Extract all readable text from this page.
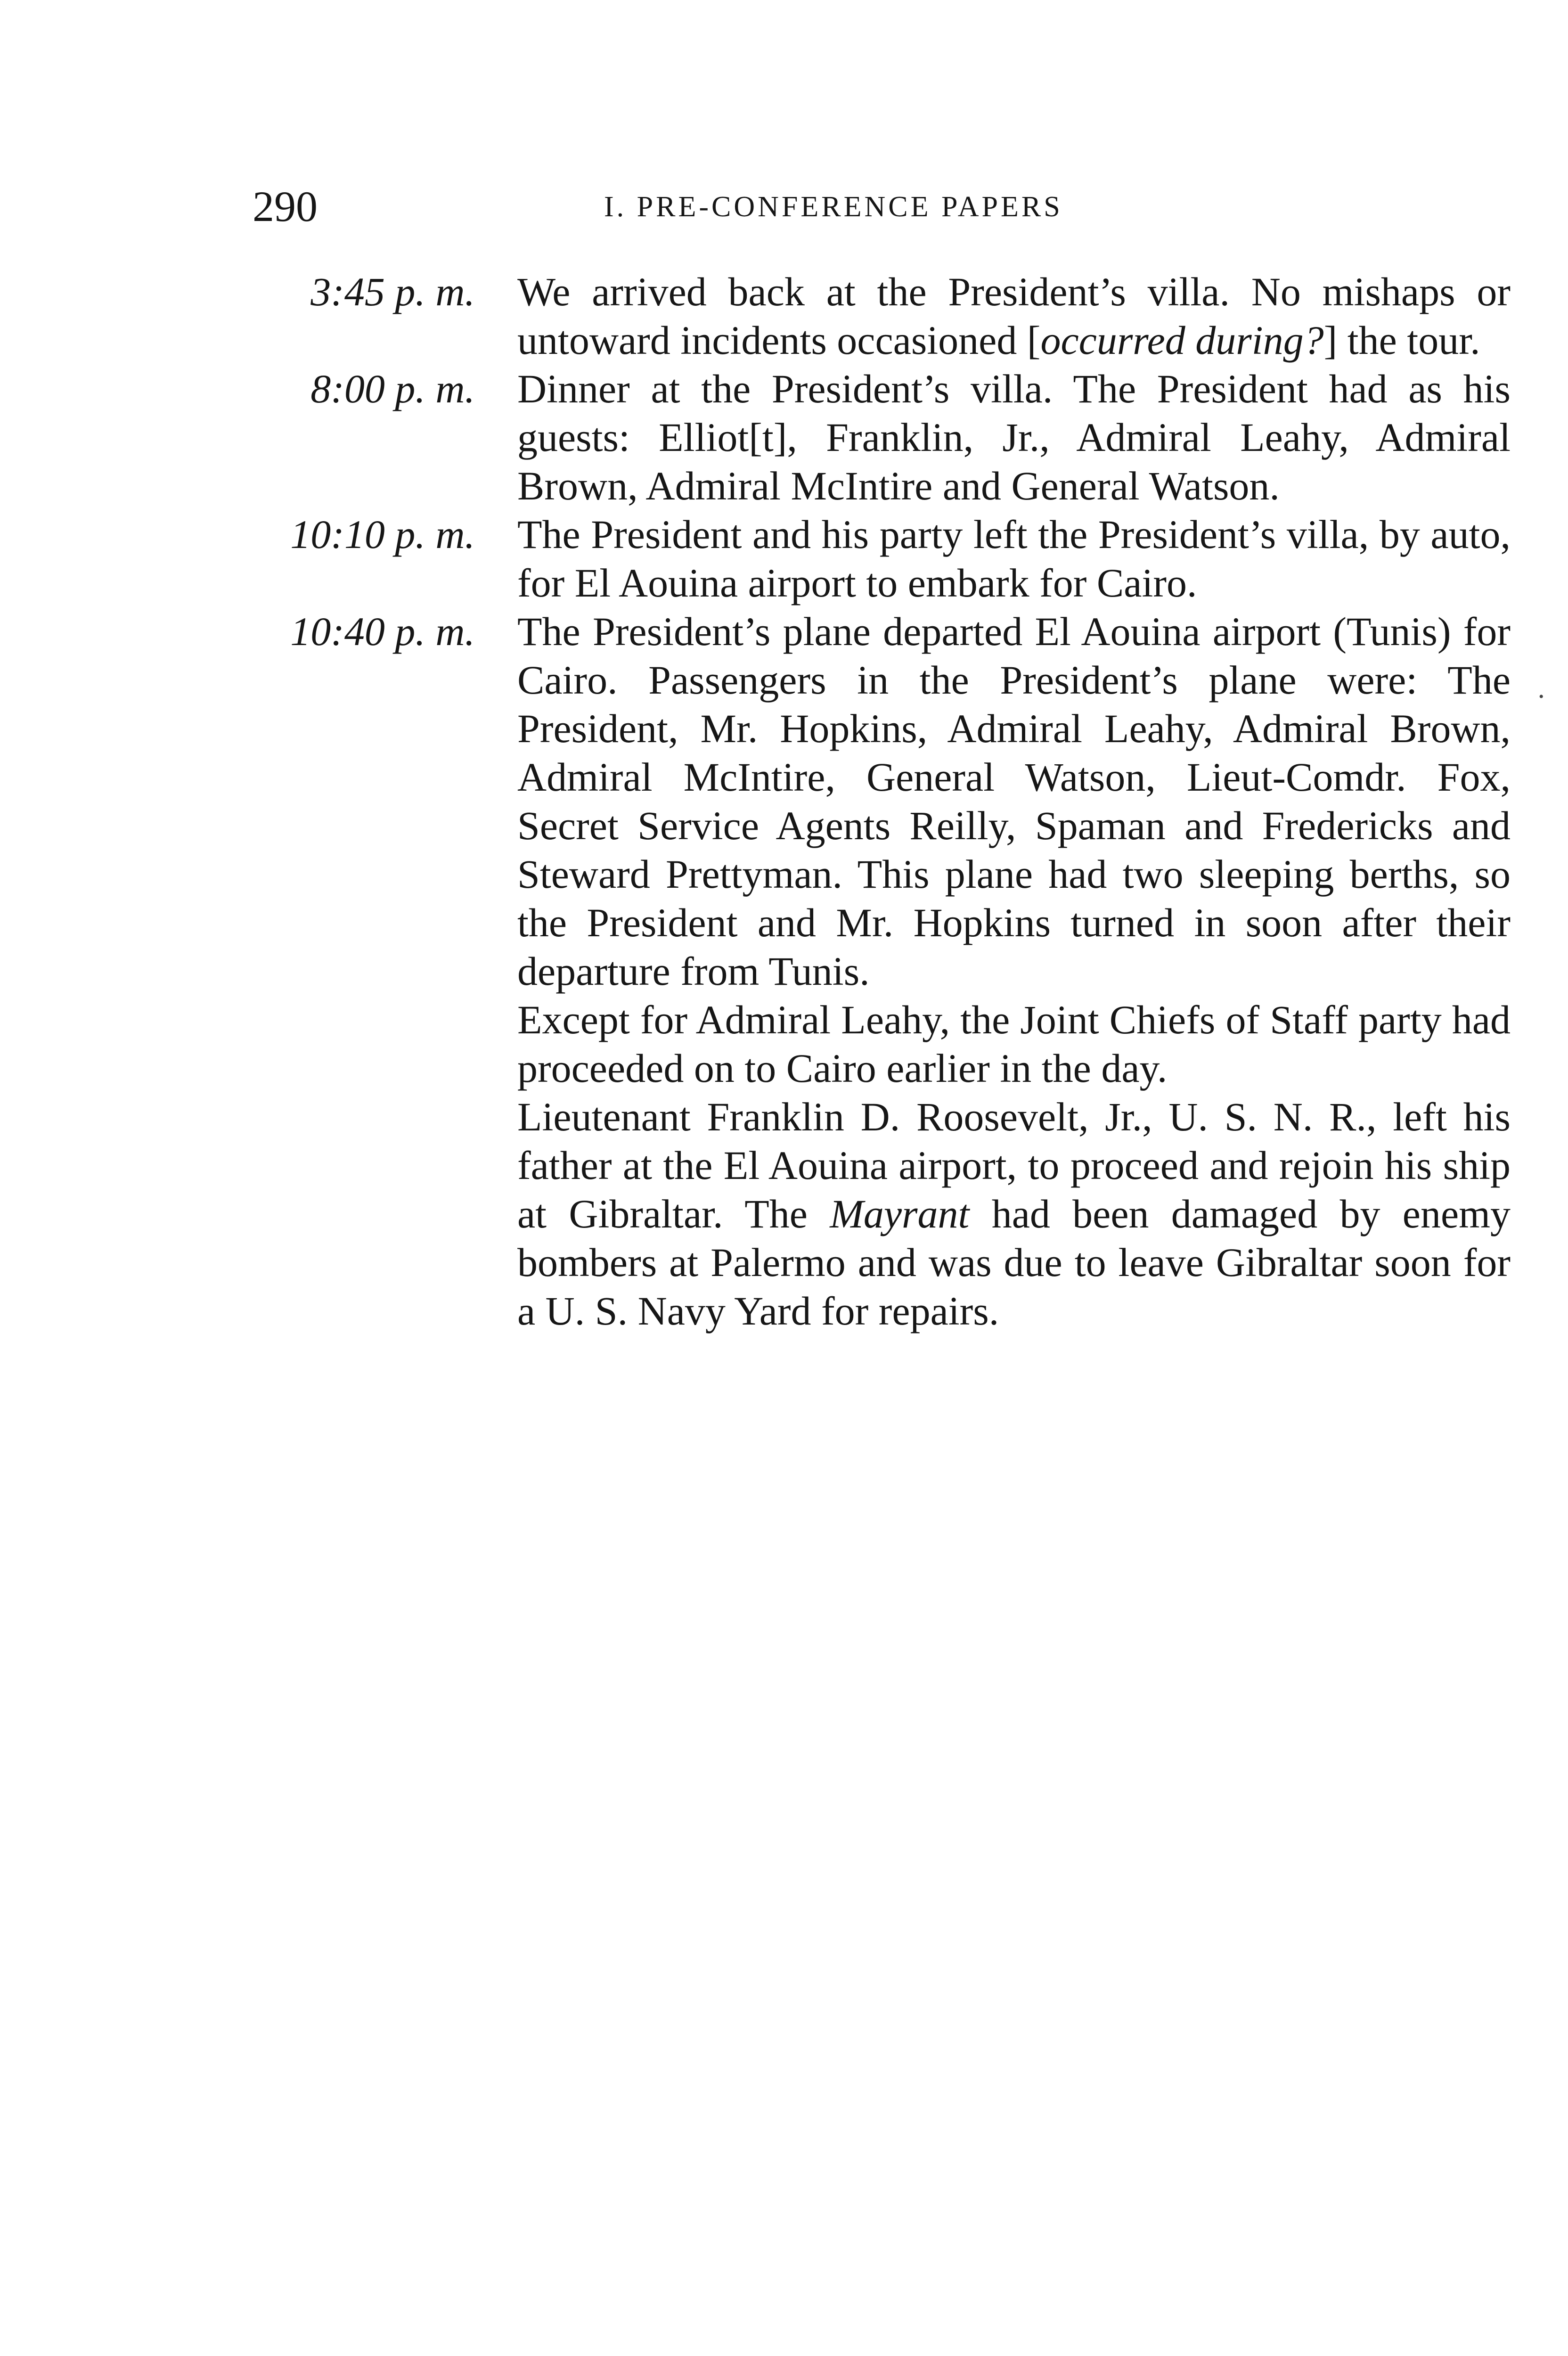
290	I. PRE-CONFERENCE PAPERS
3:45 p. m. We arrived back at the President’s villa. No mishaps or untoward incidents occasioned [occurred during?] the tour.
8:00 p. m. Dinner at the President’s villa. The President had as his guests: Elliot[t], Franklin, Jr., Admiral Leahy, Admiral Brown, Admiral McIntire and General Watson.
10:10 p. m. The President and his party left the President’s villa, by auto, for El Aouina airport to embark for Cairo.
10:40 p. m. The President’s plane departed El Aouina airport (Tunis) for Cairo. Passengers in the President’s plane were: The President, Mr. Hopkins, Admiral Leahy, Admiral Brown, Admiral McIntire, General Watson, Lieut-Comdr. Fox, Secret Service Agents Reilly, Spaman and Fredericks and Steward Prettyman. This plane had two sleeping berths, so the President and Mr. Hopkins turned in soon after their departure from Tunis.
Except for Admiral Leahy, the Joint Chiefs of Staff party had proceeded on to Cairo earlier in the day.
Lieutenant Franklin D. Roosevelt, Jr., U. S. N. R., left his father at the El Aouina airport, to proceed and rejoin his ship at Gibraltar. The Mayrant had been damaged by enemy bombers at Palermo and was due to leave Gibraltar soon for a U. S. Navy Yard for repairs.
•
